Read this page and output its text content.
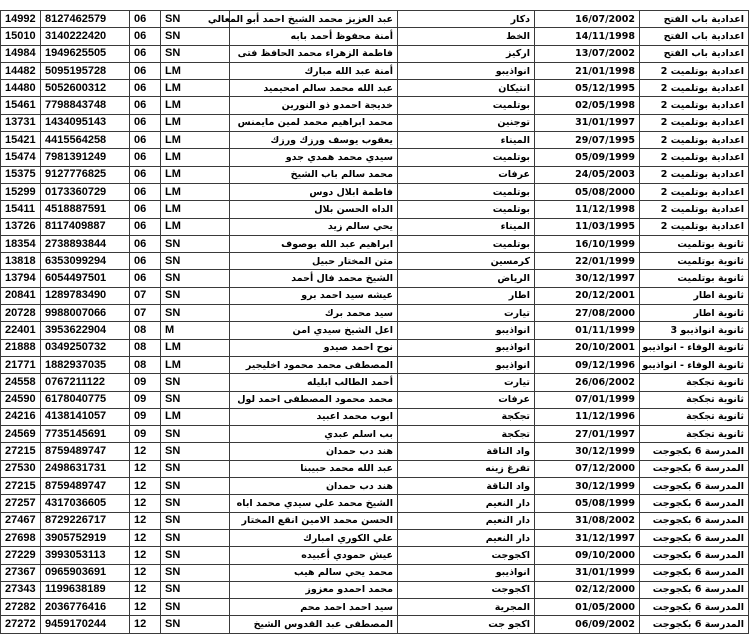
14992	8127462579	06	SN	عبد العزيز محمد الشيخ احمد أبو المعالي	دكار	16/07/2002	اعدادية باب الفتح
15010	3140222420	06	SN	أمنة محفوظ أحمد بابه	الخط	14/11/1998	اعدادية باب الفتح
14984	1949625505	06	SN	فاطمة الزهراء محمد الحافظ فتى	اركيز	13/07/2002	اعدادية باب الفتح
14482	5095195728	06	LM	أمنة عبد الله مبارك	انواذيبو	21/01/1998	اعدادية بوتلميت 2
14480	5052600312	06	LM	عبد الله محمد سالم امحيميد	انتيكان	05/12/1995	اعدادية بوتلميت 2
15461	7798843748	06	LM	خديجة احمدو ذو النورين	بوتلميت	02/05/1998	اعدادية بوتلميت 2
13731	1434095143	06	LM	محمد ابراهيم محمد لمين مايمنس	توجنين	31/01/1997	اعدادية بوتلميت 2
15421	4415564258	06	LM	يعقوب يوسف ورزك ورزك	الميناء	29/07/1995	اعدادية بوتلميت 2
15474	7981391249	06	LM	سيدي محمد همدي جدو	بوتلميت	05/09/1999	اعدادية بوتلميت 2
15375	9127776825	06	LM	محمد سالم باب الشيخ	عرفات	24/05/2003	اعدادية بوتلميت 2
15299	0173360729	06	LM	فاطمة ابلال دوس	بوتلميت	05/08/2000	اعدادية بوتلميت 2
15411	4518887591	06	LM	الداه الحسن بلال	بوتلميت	11/12/1998	اعدادية بوتلميت 2
13726	8117409887	06	LM	يحي سالم زيد	الميناء	11/03/1995	اعدادية بوتلميت 2
18354	2738893844	06	SN	ابراهيم عبد الله بوصوف	بوتلميت	16/10/1999	ثانوية بوتلميت
13818	6353099294	06	SN	متن المختار حبيل	كرمسين	22/01/1999	ثانوية بوتلميت
13794	6054497501	06	SN	الشيخ محمد فال أحمد	الرياض	30/12/1997	ثانوية بوتلميت
20841	1289783490	07	SN	عيشه سيد احمد برو	اطار	20/12/2001	ثانوية اطار
20728	9988007066	07	SN	سيد محمد برك	تيارت	27/08/2000	ثانوية اطار
22401	3953622904	08	M	اعل الشيخ سيدي امن	انواذيبو	01/11/1999	ثانوية انواذيبو 3
21888	0349250732	08	LM	نوح احمد صيدو	انواذيبو	20/10/2001	ثانوية الوفاء - انواذيبو
21771	1882937035	08	LM	المصطفى محمد محمود اخليجير	انواذيبو	09/12/1996	ثانوية الوفاء - انواذيبو
24558	0767211122	09	SN	أحمد الطالب ابليله	تيارت	26/06/2002	ثانوية تجكجة
24590	6178040775	09	SN	محمد محمود المصطفى احمد لول	عرفات	07/01/1999	ثانوية تجكجة
24216	4138141057	09	LM	ابوب محمد اعبيد	تجكجة	11/12/1996	ثانوية تجكجة
24569	7735145691	09	SN	بب اسلم عبدي	تجكجة	27/01/1997	ثانوية تجكجة
27215	8759489747	12	SN	هند دب حمدان	واد الناقة	30/12/1999	المدرسة 6 بكجوجت
27530	2498631731	12	SN	عبد الله محمد حبيبنا	تفرغ زينه	07/12/2000	المدرسة 6 بكجوجت
27215	8759489747	12	SN	هند دب حمدان	واد الناقة	30/12/1999	المدرسة 6 بكجوجت
27257	4317036605	12	SN	الشيخ محمد علي سيدي محمد اباه	دار النعيم	05/08/1999	المدرسة 6 بكجوجت
27467	8729226717	12	SN	الحسن محمد الامين انقع المختار	دار النعيم	31/08/2002	المدرسة 6 بكجوجت
27698	3905752919	12	SN	علي الكوري امبارك	دار النعيم	31/12/1997	المدرسة 6 بكجوجت
27229	3993053113	12	SN	عيش حمودي أعبيده	اكجوجت	09/10/2000	المدرسة 6 بكجوجت
27367	0965903691	12	SN	محمد يحي سالم هيب	انواذيبو	31/01/1999	المدرسة 6 بكجوجت
27343	1199638189	12	SN	محمد احمدو معزوز	اكجوجت	02/12/2000	المدرسة 6 بكجوجت
27282	2036776416	12	SN	سيد احمد احمد محم	المجرية	01/05/2000	المدرسة 6 بكجوجت
27272	9459170244	12	SN	المصطفى عبد القدوس الشيخ	اكجو جت	06/09/2002	المدرسة 6 بكجوجت
